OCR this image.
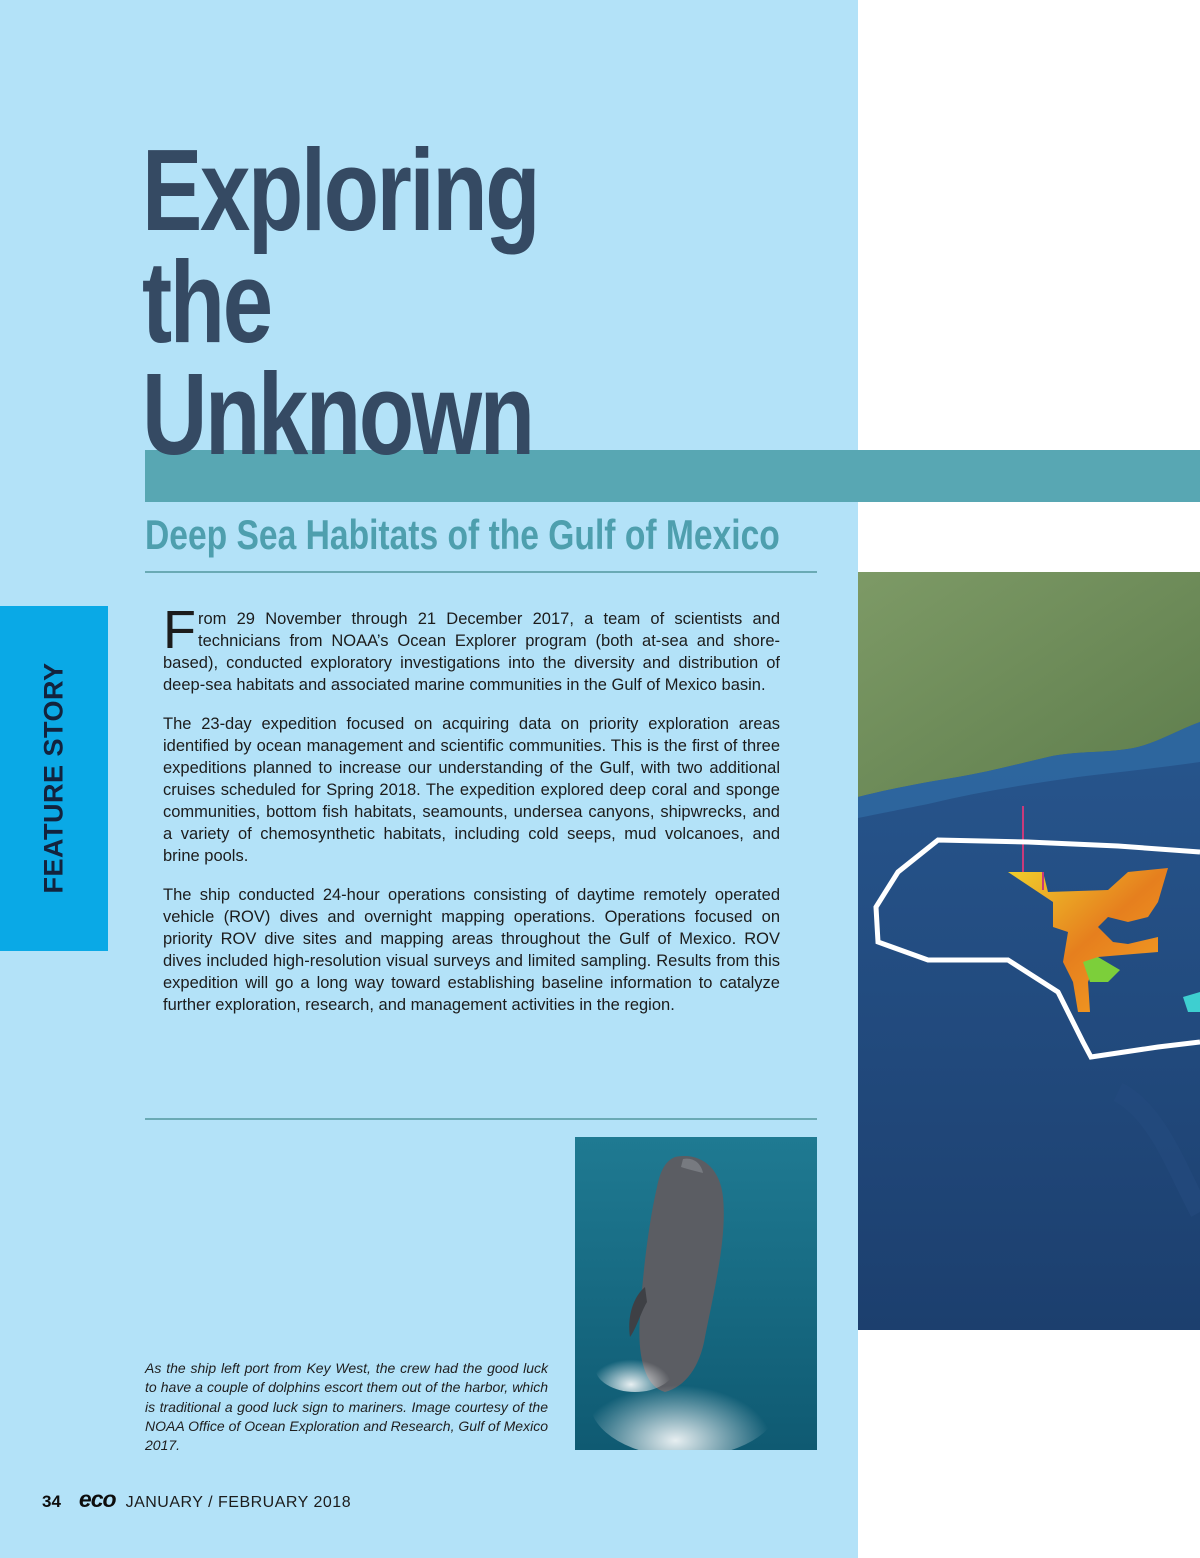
Exploring
the
Unknown
Deep Sea Habitats of the Gulf of Mexico
FEATURE STORY

From 29 November through 21 December 2017, a team of scientists and technicians from NOAA’s Ocean Explorer program (both at-sea and shore-based), conducted exploratory investigations into the diversity and distribution of deep-sea habitats and associated marine communities in the Gulf of Mexico basin.

The 23-day expedition focused on acquiring data on priority exploration areas identified by ocean management and scientific communities. This is the first of three expeditions planned to increase our understanding of the Gulf, with two additional cruises scheduled for Spring 2018. The expedition explored deep coral and sponge communities, bottom fish habitats, seamounts, undersea canyons, shipwrecks, and a variety of chemosynthetic habitats, including cold seeps, mud volcanoes, and brine pools.

The ship conducted 24-hour operations consisting of daytime remotely operated vehicle (ROV) dives and overnight mapping operations. Operations focused on priority ROV dive sites and mapping areas throughout the Gulf of Mexico. ROV dives included high-resolution visual surveys and limited sampling. Results from this expedition will go a long way toward establishing baseline information to catalyze further exploration, research, and management activities in the region.

As the ship left port from Key West, the crew had the good luck to have a couple of dolphins escort them out of the harbor, which is traditional a good luck sign to mariners. Image courtesy of the NOAA Office of Ocean Exploration and Research, Gulf of Mexico 2017.

34 eco JANUARY / FEBRUARY 2018
